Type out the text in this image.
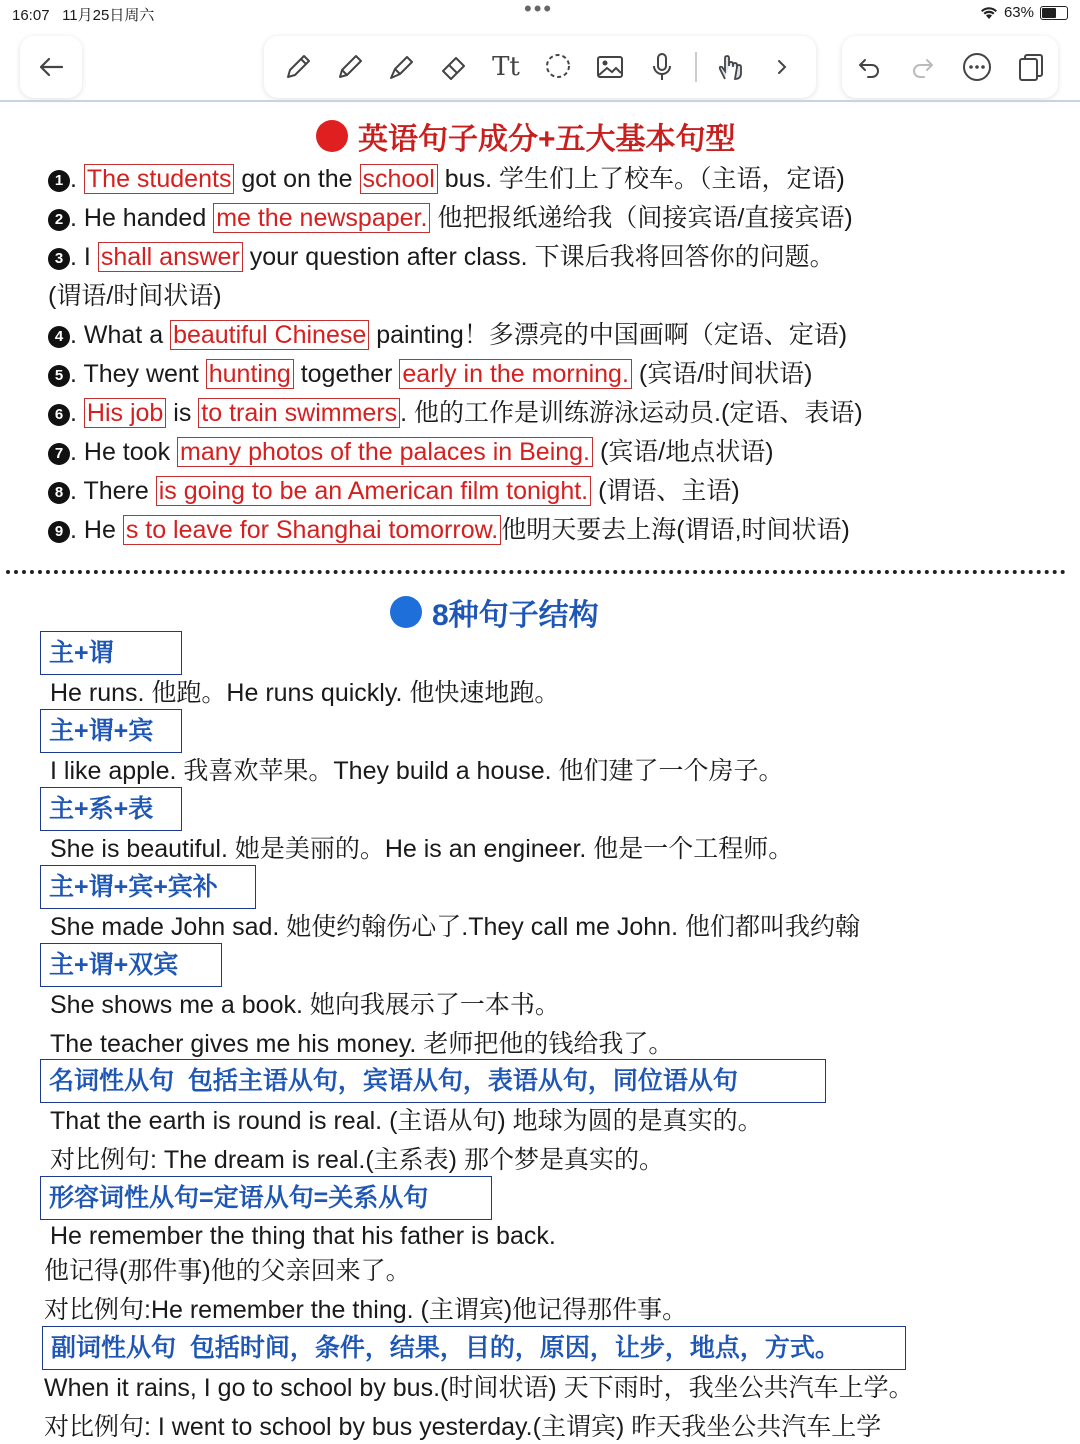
16:07 11月25日周六	•••	63%
Tt
英语句子成分+五大基本句型
1 . The students got on the school bus. 学生们上了校车。（主语，定语)
2 . He handed me the newspaper. 他把报纸递给我（间接宾语/直接宾语)
3 . I shall answer your question after class. 下课后我将回答你的问题。
(谓语/时间状语)
4 . What a beautiful Chinese painting！多漂亮的中国画啊（定语、定语)
5 . They went hunting together early in the morning. (宾语/时间状语)
6 . His job is to train swimmers . 他的工作是训练游泳运动员.(定语、表语)
7 . He took many photos of the palaces in Being. (宾语/地点状语)
8 . There is going to be an American film tonight. (谓语、主语)
9 . He s to leave for Shanghai tomorrow. 他明天要去上海(谓语,时间状语)
8种句子结构
主+谓
He runs. 他跑。He runs quickly. 他快速地跑。
主+谓+宾
I like apple. 我喜欢苹果。They build a house. 他们建了一个房子。
主+系+表
She is beautiful. 她是美丽的。He is an engineer. 他是一个工程师。
主+谓+宾+宾补
She made John sad. 她使约翰伤心了.They call me John. 他们都叫我约翰
主+谓+双宾
She shows me a book. 她向我展示了一本书。
The teacher gives me his money. 老师把他的钱给我了。
名词性从句  包括主语从句，宾语从句，表语从句，同位语从句
That the earth is round is real. (主语从句) 地球为圆的是真实的。
对比例句: The dream is real.(主系表) 那个梦是真实的。
形容词性从句=定语从句=关系从句
He remember the thing that his father is back.
他记得(那件事)他的父亲回来了。
对比例句:He remember the thing. (主谓宾)他记得那件事。
副词性从句  包括时间，条件，结果，目的，原因，让步，地点，方式。
When it rains, I go to school by bus.(时间状语) 天下雨时，我坐公共汽车上学。
对比例句: I went to school by bus yesterday.(主谓宾) 昨天我坐公共汽车上学
